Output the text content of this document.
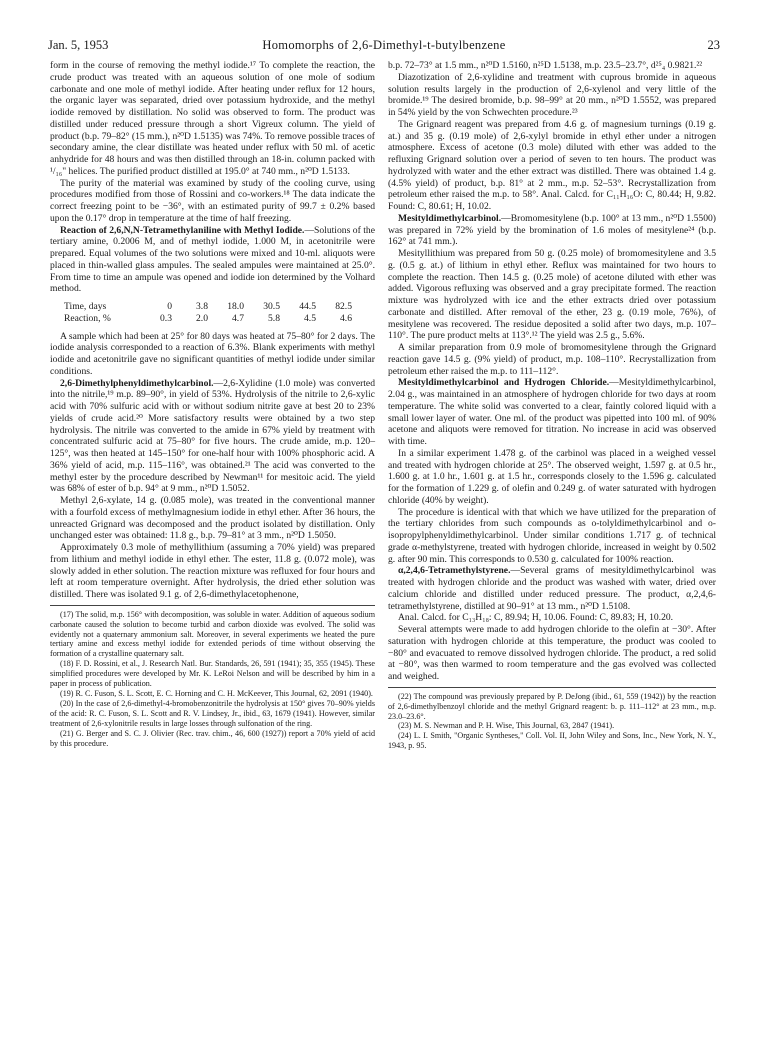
Jan. 5, 1953	Homomorphs of 2,6-Dimethyl-t-butylbenzene	23

form in the course of removing the methyl iodide.¹⁷ To complete the reaction, the crude product was treated with an aqueous solution of one mole of sodium carbonate and one mole of methyl iodide. After heating under reflux for 12 hours, the organic layer was separated, dried over potassium hydroxide, and the methyl iodide removed by distillation. No solid was observed to form. The product was distilled under reduced pressure through a short Vigreux column. The yield of product (b.p. 79–82° (15 mm.), n²⁰D 1.5135) was 74%. To remove possible traces of secondary amine, the clear distillate was heated under reflux with 50 ml. of acetic anhydride for 48 hours and was then distilled through an 18-in. column packed with ¹/₁₆" helices. The purified product distilled at 195.0° at 740 mm., n²⁰D 1.5133.

The purity of the material was examined by study of the cooling curve, using procedures modified from those of Rossini and co-workers.¹⁸ The data indicate the correct freezing point to be −36°, with an estimated purity of 99.7 ± 0.2% based upon the 0.17° drop in temperature at the time of half freezing.

Reaction of 2,6,N,N-Tetramethylaniline with Methyl Iodide.—Solutions of the tertiary amine, 0.2006 M, and of methyl iodide, 1.000 M, in acetonitrile were prepared. Equal volumes of the two solutions were mixed and 10-ml. aliquots were placed in thin-walled glass ampules. The sealed ampules were maintained at 25.0°. From time to time an ampule was opened and iodide ion determined by the Volhard method.

Time, days	0	3.8	18.0	30.5	44.5	82.5
Reaction, %	0.3	2.0	4.7	5.8	4.5	4.6

A sample which had been at 25° for 80 days was heated at 75–80° for 2 days. The iodide analysis corresponded to a reaction of 6.3%. Blank experiments with methyl iodide and acetonitrile gave no significant quantities of methyl iodide under similar conditions.

2,6-Dimethylphenyldimethylcarbinol.—2,6-Xylidine (1.0 mole) was converted into the nitrile,¹⁹ m.p. 89–90°, in yield of 53%. Hydrolysis of the nitrile to 2,6-xylic acid with 70% sulfuric acid with or without sodium nitrite gave at best 20 to 23% yields of crude acid.²⁰ More satisfactory results were obtained by a two step hydrolysis. The nitrile was converted to the amide in 67% yield by treatment with concentrated sulfuric acid at 75–80° for five hours. The crude amide, m.p. 120–125°, was then heated at 145–150° for one-half hour with 100% phosphoric acid. A 36% yield of acid, m.p. 115–116°, was obtained.²¹ The acid was converted to the methyl ester by the procedure described by Newman¹¹ for mesitoic acid. The yield was 68% of ester of b.p. 94° at 9 mm., n²⁰D 1.5052.

Methyl 2,6-xylate, 14 g. (0.085 mole), was treated in the conventional manner with a fourfold excess of methylmagnesium iodide in ethyl ether. After 36 hours, the unreacted Grignard was decomposed and the product isolated by distillation. Only unchanged ester was obtained: 11.8 g., b.p. 79–81° at 3 mm., n²⁰D 1.5050.

Approximately 0.3 mole of methyllithium (assuming a 70% yield) was prepared from lithium and methyl iodide in ethyl ether. The ester, 11.8 g. (0.072 mole), was slowly added in ether solution. The reaction mixture was refluxed for four hours and left at room temperature overnight. After hydrolysis, the dried ether solution was distilled. There was isolated 9.1 g. of 2,6-dimethylacetophenone,

(17) The solid, m.p. 156° with decomposition, was soluble in water. Addition of aqueous sodium carbonate caused the solution to become turbid and carbon dioxide was evolved. The solid was evidently not a quaternary ammonium salt. Moreover, in several experiments we heated the pure tertiary amine and excess methyl iodide for extended periods of time without observing the formation of a crystalline quaternary salt.

(18) F. D. Rossini, et al., J. Research Natl. Bur. Standards, 26, 591 (1941); 35, 355 (1945). These simplified procedures were developed by Mr. K. LeRoi Nelson and will be described by him in a paper in process of publication.

(19) R. C. Fuson, S. L. Scott, E. C. Horning and C. H. McKeever, This Journal, 62, 2091 (1940).

(20) In the case of 2,6-dimethyl-4-bromobenzonitrile the hydrolysis at 150° gives 70–90% yields of the acid: R. C. Fuson, S. L. Scott and R. V. Lindsey, Jr., ibid., 63, 1679 (1941). However, similar treatment of 2,6-xylonitrile results in large losses through sulfonation of the ring.

(21) G. Berger and S. C. J. Olivier (Rec. trav. chim., 46, 600 (1927)) report a 70% yield of acid by this procedure.

b.p. 72–73° at 1.5 mm., n²⁰D 1.5160, n²⁵D 1.5138, m.p. 23.5–23.7°, d²⁵₄ 0.9821.²²

Diazotization of 2,6-xylidine and treatment with cuprous bromide in aqueous solution results largely in the production of 2,6-xylenol and very little of the bromide.¹⁹ The desired bromide, b.p. 98–99° at 20 mm., n²⁰D 1.5552, was prepared in 54% yield by the von Schwechten procedure.²³

The Grignard reagent was prepared from 4.6 g. of magnesium turnings (0.19 g. at.) and 35 g. (0.19 mole) of 2,6-xylyl bromide in ethyl ether under a nitrogen atmosphere. Excess of acetone (0.3 mole) diluted with ether was added to the refluxing Grignard solution over a period of seven to ten hours. The product was hydrolyzed with water and the ether extract was distilled. There was obtained 1.4 g. (4.5% yield) of product, b.p. 81° at 2 mm., m.p. 52–53°. Recrystallization from petroleum ether raised the m.p. to 58°. Anal. Calcd. for C₁₁H₁₆O: C, 80.44; H, 9.82. Found: C, 80.61; H, 10.02.

Mesityldimethylcarbinol.—Bromomesitylene (b.p. 100° at 13 mm., n²⁰D 1.5500) was prepared in 72% yield by the bromination of 1.6 moles of mesitylene²⁴ (b.p. 162° at 741 mm.).

Mesityllithium was prepared from 50 g. (0.25 mole) of bromomesitylene and 3.5 g. (0.5 g. at.) of lithium in ethyl ether. Reflux was maintained for two hours to complete the reaction. Then 14.5 g. (0.25 mole) of acetone diluted with ether was added. Vigorous refluxing was observed and a gray precipitate formed. The reaction mixture was hydrolyzed with ice and the ether extracts dried over potassium carbonate and distilled. After removal of the ether, 23 g. (0.19 mole, 76%), of mesitylene was recovered. The residue deposited a solid after two days, m.p. 107–110°. The pure product melts at 113°.¹² The yield was 2.5 g., 5.6%.

A similar preparation from 0.9 mole of bromomesitylene through the Grignard reaction gave 14.5 g. (9% yield) of product, m.p. 108–110°. Recrystallization from petroleum ether raised the m.p. to 111–112°.

Mesityldimethylcarbinol and Hydrogen Chloride.—Mesityldimethylcarbinol, 2.04 g., was maintained in an atmosphere of hydrogen chloride for two days at room temperature. The white solid was converted to a clear, faintly colored liquid with a small lower layer of water. One ml. of the product was pipetted into 100 ml. of 90% acetone and aliquots were removed for titration. No increase in acid was observed with time.

In a similar experiment 1.478 g. of the carbinol was placed in a weighed vessel and treated with hydrogen chloride at 25°. The observed weight, 1.597 g. at 0.5 hr., 1.600 g. at 1.0 hr., 1.601 g. at 1.5 hr., corresponds closely to the 1.596 g. calculated for the formation of 1.229 g. of olefin and 0.249 g. of water saturated with hydrogen chloride (40% by weight).

The procedure is identical with that which we have utilized for the preparation of the tertiary chlorides from such compounds as o-tolyldimethylcarbinol and o-isopropylphenyldimethylcarbinol. Under similar conditions 1.717 g. of technical grade α-methylstyrene, treated with hydrogen chloride, increased in weight by 0.502 g. after 90 min. This corresponds to 0.530 g. calculated for 100% reaction.

α,2,4,6-Tetramethylstyrene.—Several grams of mesityldimethylcarbinol was treated with hydrogen chloride and the product was washed with water, dried over calcium chloride and distilled under reduced pressure. The product, α,2,4,6-tetramethylstyrene, distilled at 90–91° at 13 mm., n²⁰D 1.5108.

Anal. Calcd. for C₁₃H₁₈: C, 89.94; H, 10.06. Found: C, 89.83; H, 10.20.

Several attempts were made to add hydrogen chloride to the olefin at −30°. After saturation with hydrogen chloride at this temperature, the product was cooled to −80° and evacuated to remove dissolved hydrogen chloride. The product, a red solid at −80°, was then warmed to room temperature and the gas evolved was collected and weighed.

(22) The compound was previously prepared by P. DeJong (ibid., 61, 559 (1942)) by the reaction of 2,6-dimethylbenzoyl chloride and the methyl Grignard reagent: b. p. 111–112° at 23 mm., m.p. 23.0–23.6°.

(23) M. S. Newman and P. H. Wise, This Journal, 63, 2847 (1941).

(24) L. I. Smith, "Organic Syntheses," Coll. Vol. II, John Wiley and Sons, Inc., New York, N. Y., 1943, p. 95.
